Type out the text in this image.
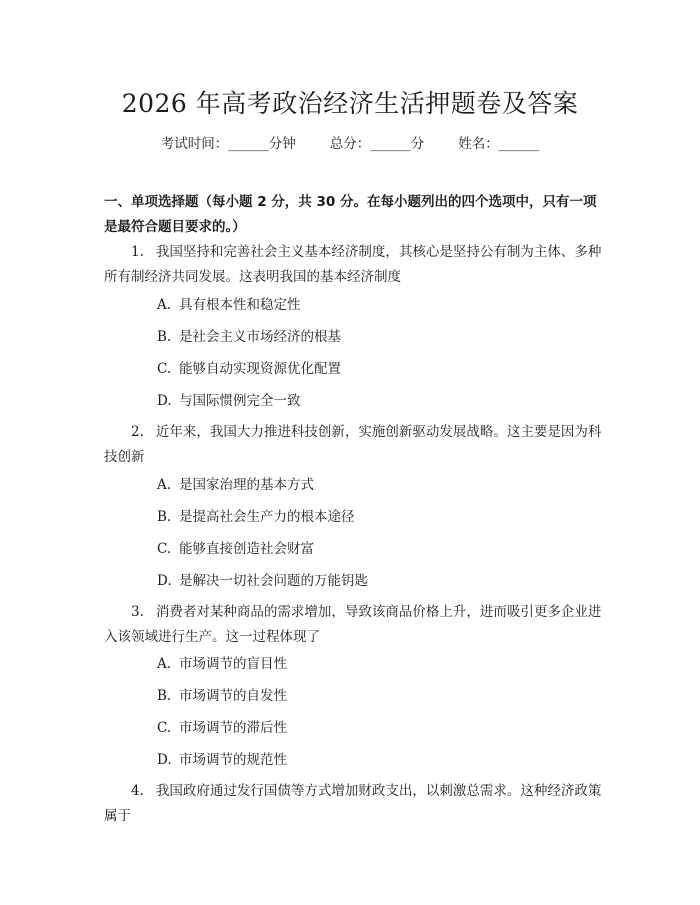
2026 年高考政治经济生活押题卷及答案
考试时间：______分钟	总分：______分	姓名：______
一、单项选择题（每小题 2 分，共 30 分。在每小题列出的四个选项中，只有一项是最符合题目要求的。）
1. 我国坚持和完善社会主义基本经济制度，其核心是坚持公有制为主体、多种所有制经济共同发展。这表明我国的基本经济制度
A. 具有根本性和稳定性
B. 是社会主义市场经济的根基
C. 能够自动实现资源优化配置
D. 与国际惯例完全一致
2. 近年来，我国大力推进科技创新，实施创新驱动发展战略。这主要是因为科技创新
A. 是国家治理的基本方式
B. 是提高社会生产力的根本途径
C. 能够直接创造社会财富
D. 是解决一切社会问题的万能钥匙
3. 消费者对某种商品的需求增加，导致该商品价格上升，进而吸引更多企业进入该领域进行生产。这一过程体现了
A. 市场调节的盲目性
B. 市场调节的自发性
C. 市场调节的滞后性
D. 市场调节的规范性
4. 我国政府通过发行国债等方式增加财政支出，以刺激总需求。这种经济政策属于
